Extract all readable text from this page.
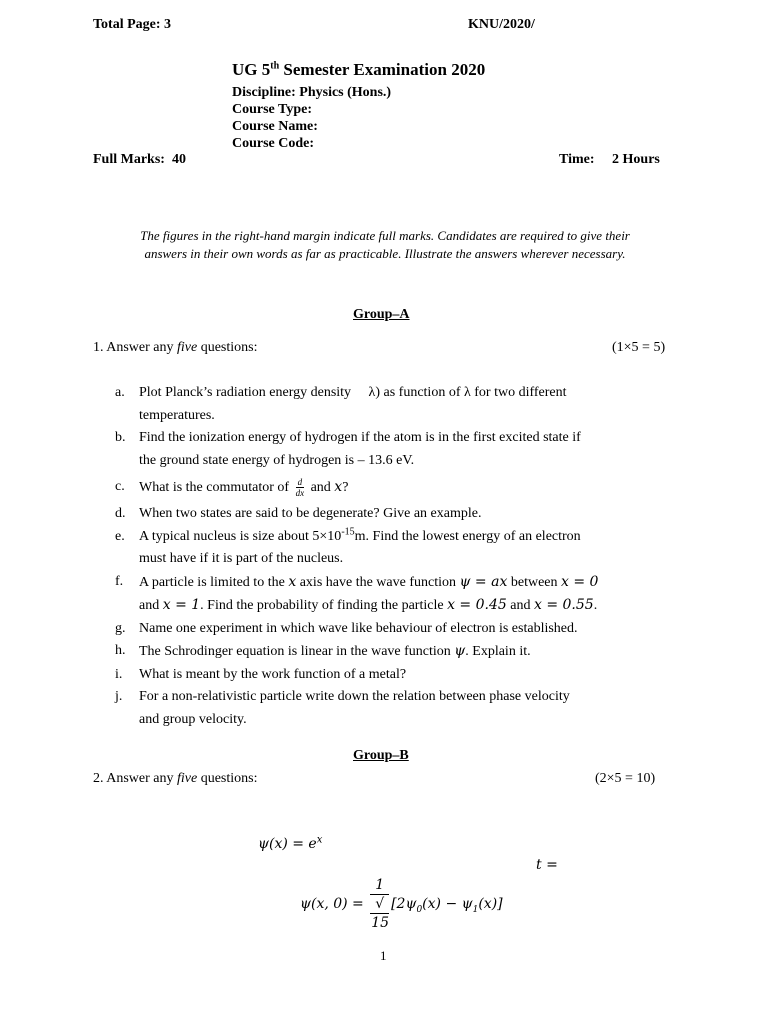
Total Page: 3	KNU/2020/
UG 5th Semester Examination 2020
Discipline: Physics (Hons.)
Course Type:
Course Name:
Course Code:
Full Marks: 40	Time: 2 Hours
The figures in the right-hand margin indicate full marks. Candidates are required to give their
answers in their own words as far as practicable. Illustrate the answers wherever necessary.
Group–A
1. Answer any five questions:	(1×5 = 5)
a.	Plot Planck’s radiation energy density     λ) as function of λ for two different
temperatures.
b. Find the ionization energy of hydrogen if the atom is in the first excited state if
the ground state energy of hydrogen is – 13.6 eV.
c.	What is the commutator of $\frac{d}{dx}$ and x?
d. When two states are said to be degenerate? Give an example.
e.	A typical nucleus is size about $5\times 10^{-15}m$. Find the lowest energy of an electron
must have if it is part of the nucleus.
f.	A particle is limited to the x axis have the wave function ψ = ax between x = 0
and x = 1. Find the probability of finding the particle x = 0.45 and x = 0.55.
g. Name one experiment in which wave like behaviour of electron is established.
h. The Schrodinger equation is linear in the wave function ψ. Explain it.
i.	What is meant by the work function of a metal?
j.	For a non-relativistic particle write down the relation between phase velocity
and group velocity.
Group–B
2. Answer any five questions:	(2×5 = 10)
$\psi(x) = e^x$
t =
ψ(x, 0) = 1
√
15 $[2\psi_0(x) - \psi_1(x)]$
1
